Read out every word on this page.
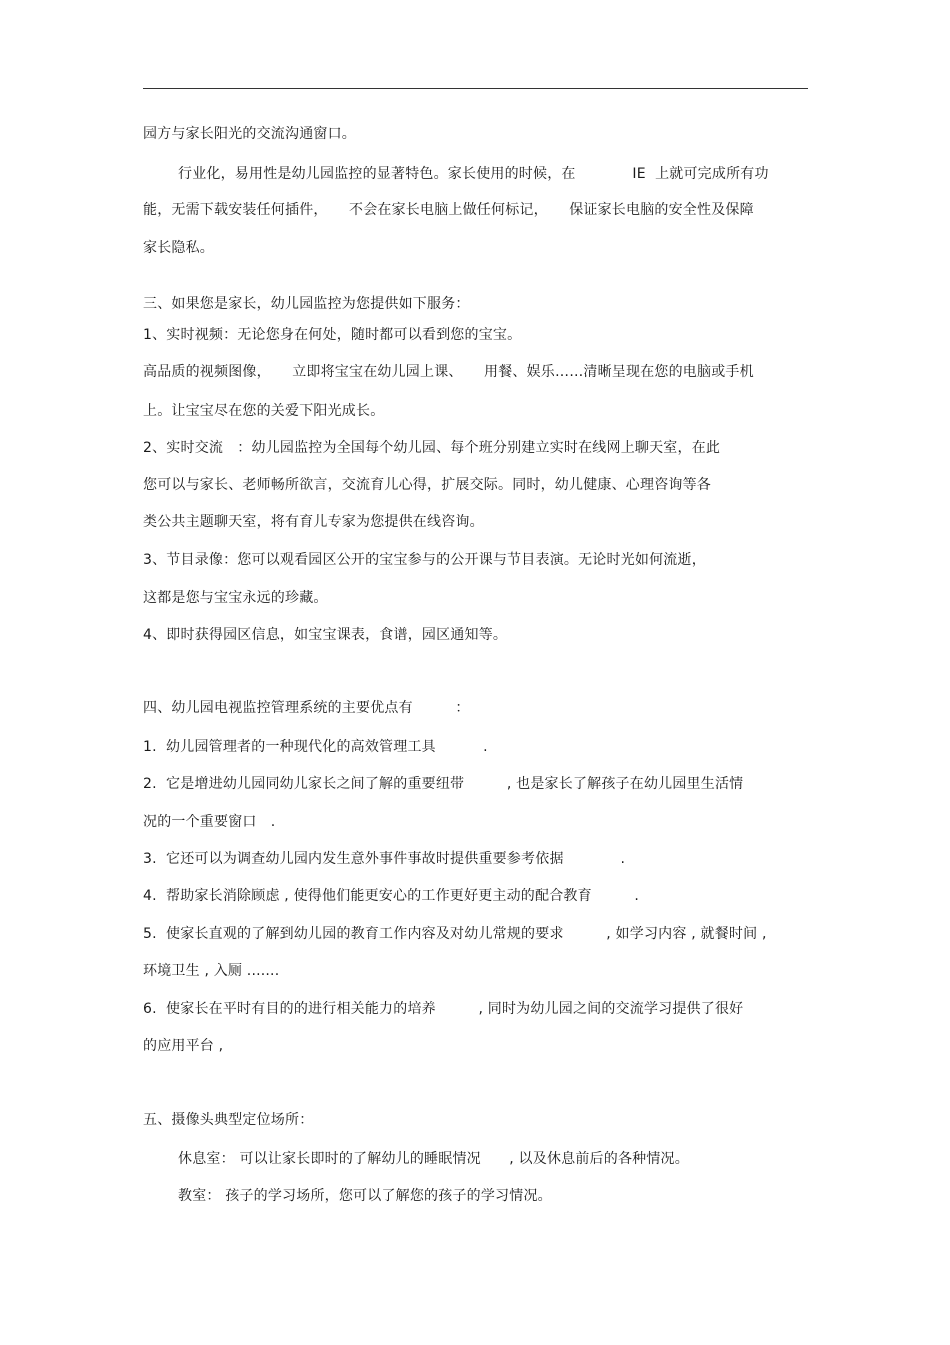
园方与家长阳光的交流沟通窗口。
行业化，易用性是幼儿园监控的显著特色。家长使用的时候，在　　　　IE  上就可完成所有功
能，无需下载安装任何插件，　　不会在家长电脑上做任何标记，　　保证家长电脑的安全性及保障
家长隐私。
三、如果您是家长，幼儿园监控为您提供如下服务：
1、实时视频：无论您身在何处，随时都可以看到您的宝宝。
高品质的视频图像，　　立即将宝宝在幼儿园上课、　　用餐、娱乐……清晰呈现在您的电脑或手机
上。让宝宝尽在您的关爱下阳光成长。
2、实时交流　：幼儿园监控为全国每个幼儿园、每个班分别建立实时在线网上聊天室，在此
您可以与家长、老师畅所欲言，交流育儿心得，扩展交际。同时，幼儿健康、心理咨询等各
类公共主题聊天室，将有育儿专家为您提供在线咨询。
3、节目录像：您可以观看园区公开的宝宝参与的公开课与节目表演。无论时光如何流逝，
这都是您与宝宝永远的珍藏。
4、即时获得园区信息，如宝宝课表，食谱，园区通知等。
四、幼儿园电视监控管理系统的主要优点有　　　：
1.  幼儿园管理者的一种现代化的高效管理工具　　　 .
2.  它是增进幼儿园同幼儿家长之间了解的重要纽带　　　, 也是家长了解孩子在幼儿园里生活情
况的一个重要窗口　.
3.  它还可以为调查幼儿园内发生意外事件事故时提供重要参考依据　　　　.
4.  帮助家长消除顾虑 , 使得他们能更安心的工作更好更主动的配合教育　　　.
5.  使家长直观的了解到幼儿园的教育工作内容及对幼儿常规的要求　　　, 如学习内容 , 就餐时间 ,
环境卫生 , 入厕 .......
6.  使家长在平时有目的的进行相关能力的培养　　　, 同时为幼儿园之间的交流学习提供了很好
的应用平台 ,
五、摄像头典型定位场所：
休息室： 可以让家长即时的了解幼儿的睡眠情况　　, 以及休息前后的各种情况。
教室： 孩子的学习场所，您可以了解您的孩子的学习情况。
